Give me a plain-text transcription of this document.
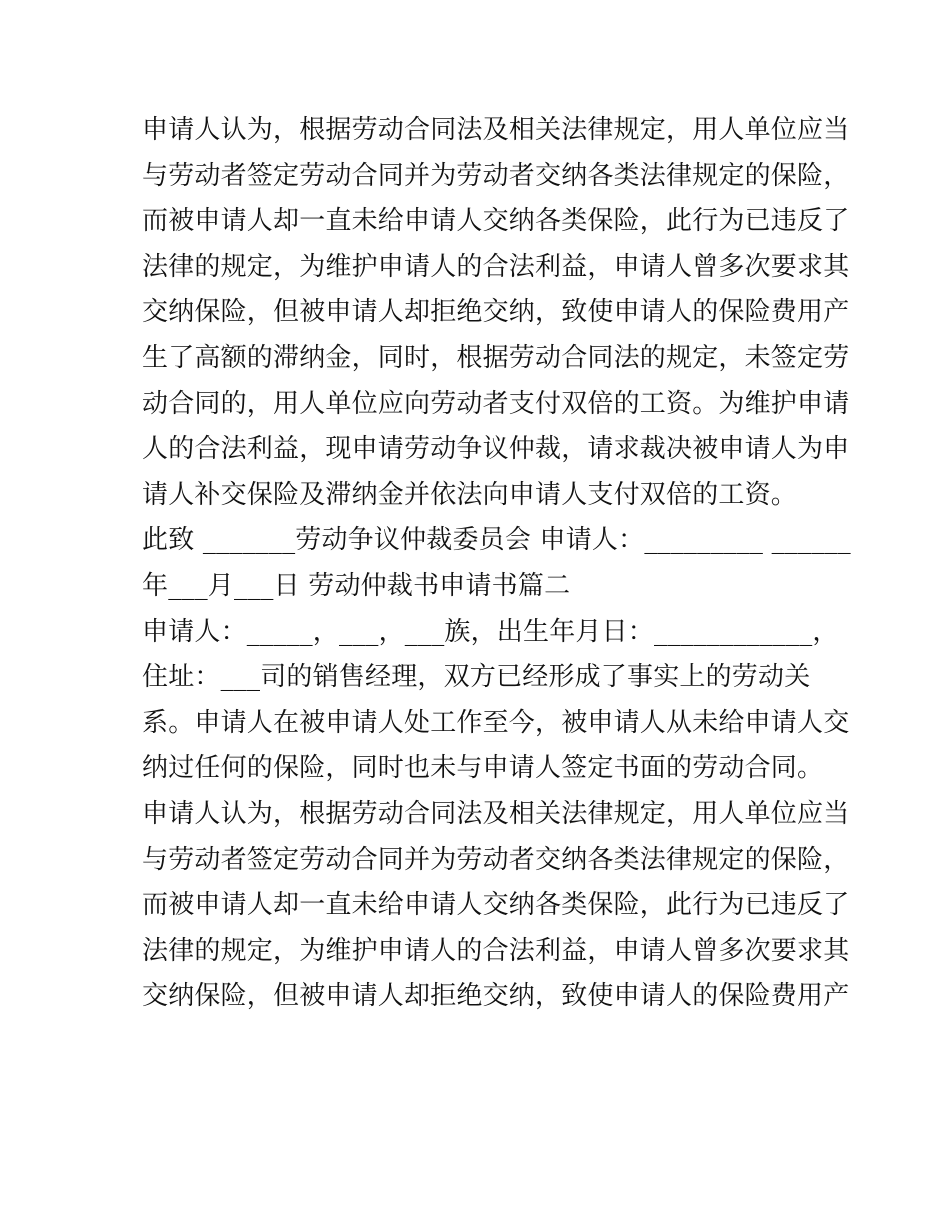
申请人认为，根据劳动合同法及相关法律规定，用人单位应当
与劳动者签定劳动合同并为劳动者交纳各类法律规定的保险，
而被申请人却一直未给申请人交纳各类保险，此行为已违反了
法律的规定，为维护申请人的合法利益，申请人曾多次要求其
交纳保险，但被申请人却拒绝交纳，致使申请人的保险费用产
生了高额的滞纳金，同时，根据劳动合同法的规定，未签定劳
动合同的，用人单位应向劳动者支付双倍的工资。为维护申请
人的合法利益，现申请劳动争议仲裁，请求裁决被申请人为申
请人补交保险及滞纳金并依法向申请人支付双倍的工资。
此致 _______劳动争议仲裁委员会 申请人：_________ ______
年___月___日 劳动仲裁书申请书篇二
申请人：_____，___，___族，出生年月日：____________，
住址：___司的销售经理，双方已经形成了事实上的劳动关
系。申请人在被申请人处工作至今，被申请人从未给申请人交
纳过任何的保险，同时也未与申请人签定书面的劳动合同。
申请人认为，根据劳动合同法及相关法律规定，用人单位应当
与劳动者签定劳动合同并为劳动者交纳各类法律规定的保险，
而被申请人却一直未给申请人交纳各类保险，此行为已违反了
法律的规定，为维护申请人的合法利益，申请人曾多次要求其
交纳保险，但被申请人却拒绝交纳，致使申请人的保险费用产
